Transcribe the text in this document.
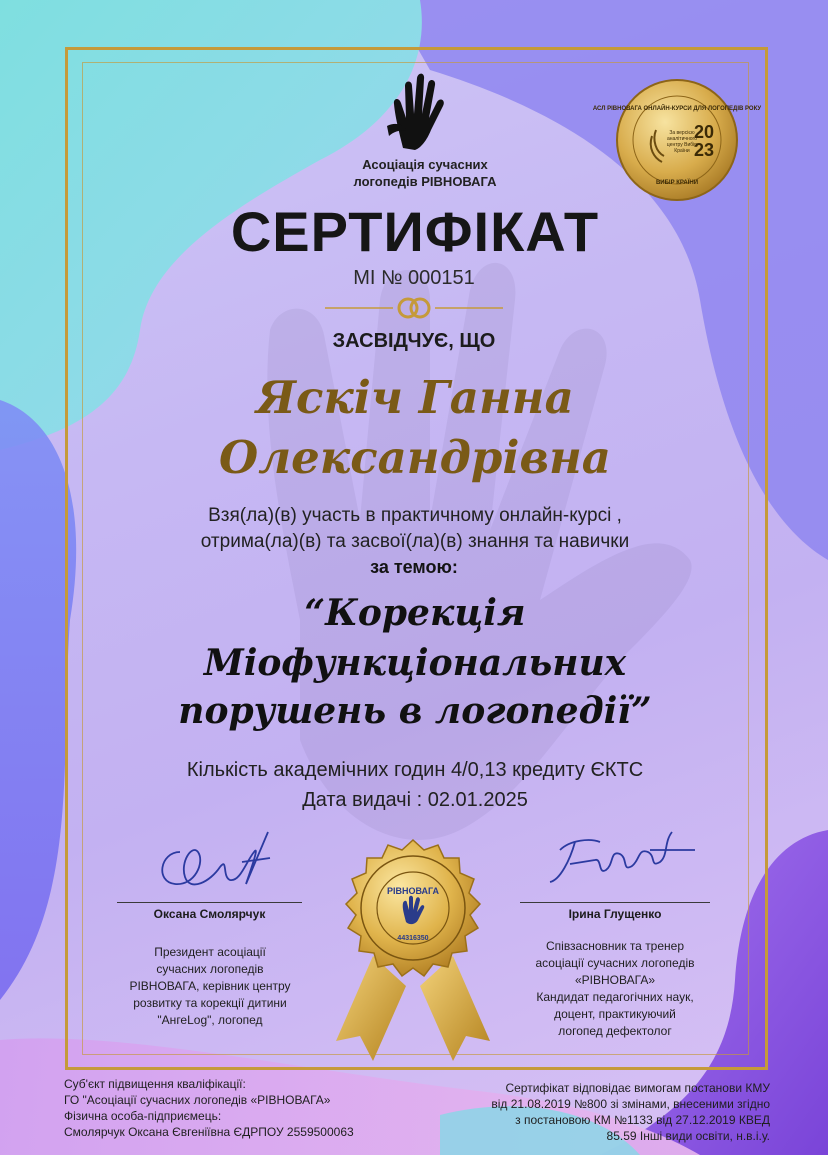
Асоціація сучасних
логопедів РІВНОВАГА
АСЛ РІВНОВАГА ОНЛАЙН-КУРСИ ДЛЯ ЛОГОПЕДІВ РОКУ
20
23
ВИБІР КРАЇНИ
За версією аналітичного центру Вибір Країни
СЕРТИФІКАТ
МІ № 000151
ЗАСВІДЧУЄ, ЩО
Яскіч Ганна
Олександрівна
Взя(ла)(в) участь в практичному онлайн-курсі ,
отрима(ла)(в) та засвої(ла)(в) знання та навички
за темою:
“Корекція
Міофункціональних
порушень в логопедії”
Кількість академічних годин 4/0,13 кредиту ЄКТС
Дата видачі : 02.01.2025
Оксана Смолярчук
Президент асоціації
сучасних логопедів
РІВНОВАГА, керівник центру
розвитку та корекції дитини
"АнгеLog", логопед
Ірина Глущенко
Співзасновник та тренер
асоціації сучасних логопедів
«РІВНОВАГА»
Кандидат педагогічних наук,
доцент, практикуючий
логопед дефектолог
РІВНОВАГА
44316350
Суб'єкт підвищення кваліфікації:
ГО "Асоціації сучасних логопедів «РІВНОВАГА»
Фізична особа-підприємець:
Смолярчук Оксана Євгеніївна ЄДРПОУ 2559500063
Сертифікат відповідає вимогам постанови КМУ
від 21.08.2019 №800 зі змінами, внесеними згідно
з постановою КМ №1133 від 27.12.2019 КВЕД
85.59 Інші види освіти, н.в.і.у.
